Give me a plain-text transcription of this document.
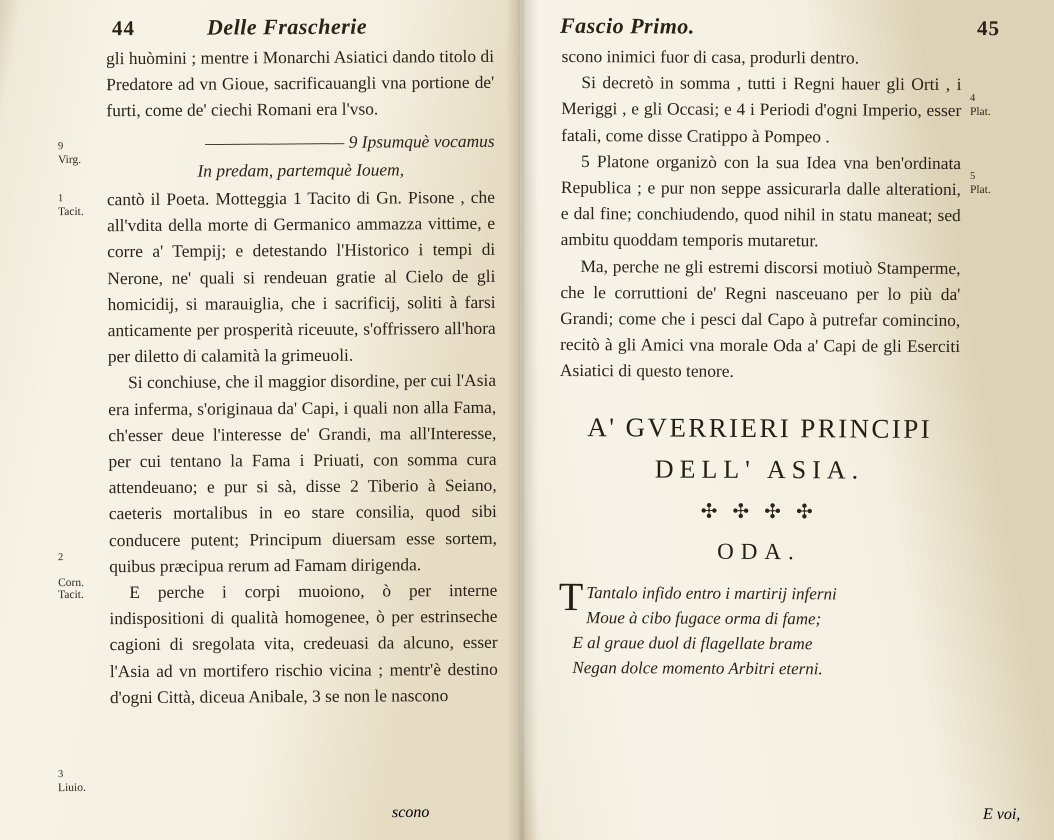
44	Delle Frascherie
9
Virg.
1
Tacit.

2

Corn.
Tacit.

3
Liuio.

gli huòmini ; mentre i Monarchi Asiatici dando titolo di Predatore ad vn Gioue, sacrificauangli vna portione de' furti, come de' ciechi Romani era l'vso.

————————— 9 Ipsumquè vocamus

In predam, partemquè Iouem,

cantò il Poeta. Motteggia 1 Tacito di Gn. Pisone , che all'vdita della morte di Germanico ammazza vittime, e corre a' Tempij; e detestando l'Historico i tempi di Nerone, ne' quali si rendeuan gratie al Cielo de gli homicidij, si marauiglia, che i sacrificij, soliti à farsi anticamente per prosperità riceuute, s'offrissero all'hora per diletto di calamità la grimeuoli.

Si conchiuse, che il maggior disordine, per cui l'Asia era inferma, s'originaua da' Capi, i quali non alla Fama, ch'esser deue l'interesse de' Grandi, ma all'Interesse, per cui tentano la Fama i Priuati, con somma cura attendeuano; e pur si sà, disse 2 Tiberio à Seiano, caeteris mortalibus in eo stare consilia, quod sibi conducere putent; Principum diuersam esse sortem, quibus præcipua rerum ad Famam dirigenda.

E perche i corpi muoiono, ò per interne indispositioni di qualità homogenee, ò per estrinseche cagioni di sregolata vita, credeuasi da alcuno, esser l'Asia ad vn mortifero rischio vicina ; mentr'è destino d'ogni Città, diceua Anibale, 3 se non le nascono

scono
Fascio Primo.	45
4
Plat.
5
Plat.

scono inimici fuor di casa, produrli dentro.

Si decretò in somma , tutti i Regni hauer gli Orti , i Meriggi , e gli Occasi; e 4 i Periodi d'ogni Imperio, esser fatali, come disse Cratippo à Pompeo .

5 Platone organizò con la sua Idea vna ben'ordinata Republica ; e pur non seppe assicurarla dalle alterationi, e dal fine; conchiudendo, quod nihil in statu maneat; sed ambitu quoddam temporis mutaretur.

Ma, perche ne gli estremi discorsi motiuò Stamperme, che le corruttioni de' Regni nasceuano per lo più da' Grandi; come che i pesci dal Capo à putrefar comincino, recitò à gli Amici vna morale Oda a' Capi de gli Eserciti Asiatici di questo tenore.

A' GVERRIERI PRINCIPI
DELL' ASIA.
✣ ✣ ✣ ✣
ODA.

T Tantalo infido entro i martirij inferni

Moue à cibo fugace orma di fame;

E al graue duol di flagellate brame

Negan dolce momento Arbitri eterni.

E voi,
